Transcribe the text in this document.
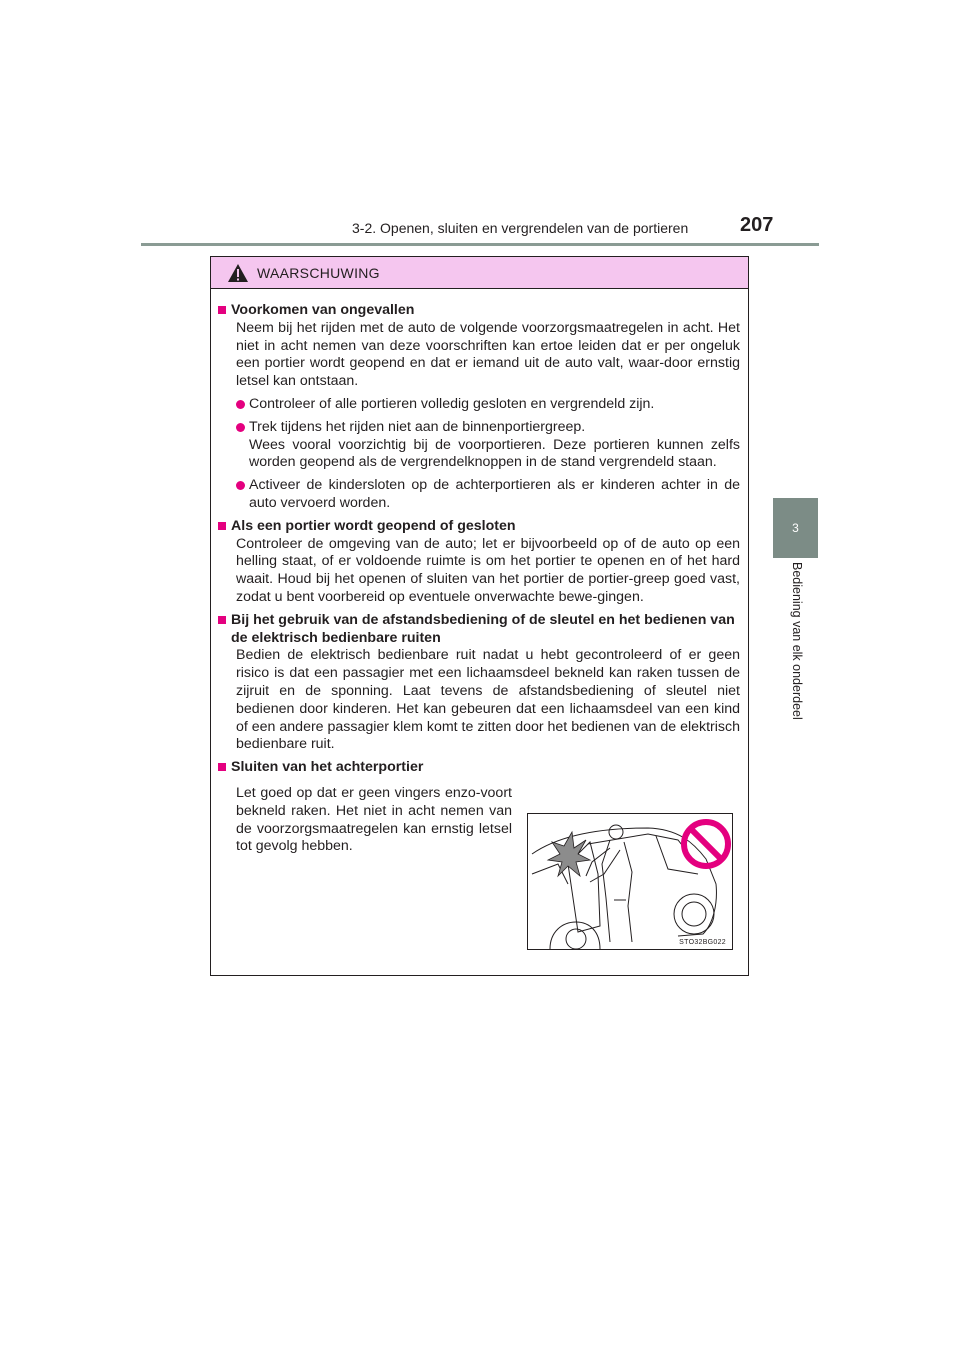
3-2. Openen, sluiten en vergrendelen van de portieren	207
3
Bediening van elk onderdeel
WAARSCHUWING
Voorkomen van ongevallen
Neem bij het rijden met de auto de volgende voorzorgsmaatregelen in acht. Het niet in acht nemen van deze voorschriften kan ertoe leiden dat er per ongeluk een portier wordt geopend en dat er iemand uit de auto valt, waar-door ernstig letsel kan ontstaan.
Controleer of alle portieren volledig gesloten en vergrendeld zijn.
Trek tijdens het rijden niet aan de binnenportiergreep.
Wees vooral voorzichtig bij de voorportieren. Deze portieren kunnen zelfs worden geopend als de vergrendelknoppen in de stand vergrendeld staan.
Activeer de kindersloten op de achterportieren als er kinderen achter in de auto vervoerd worden.
Als een portier wordt geopend of gesloten
Controleer de omgeving van de auto; let er bijvoorbeeld op of de auto op een helling staat, of er voldoende ruimte is om het portier te openen en of het hard waait. Houd bij het openen of sluiten van het portier de portier-greep goed vast, zodat u bent voorbereid op eventuele onverwachte bewe-gingen.
Bij het gebruik van de afstandsbediening of de sleutel en het bedienen van de elektrisch bedienbare ruiten
Bedien de elektrisch bedienbare ruit nadat u hebt gecontroleerd of er geen risico is dat een passagier met een lichaamsdeel bekneld kan raken tussen de zijruit en de sponning. Laat tevens de afstandsbediening of sleutel niet bedienen door kinderen. Het kan gebeuren dat een lichaamsdeel van een kind of een andere passagier klem komt te zitten door het bedienen van de elektrisch bedienbare ruit.
Sluiten van het achterportier
Let goed op dat er geen vingers enzo-voort bekneld raken. Het niet in acht nemen van de voorzorgsmaatregelen kan ernstig letsel tot gevolg hebben.
STO32BG022
